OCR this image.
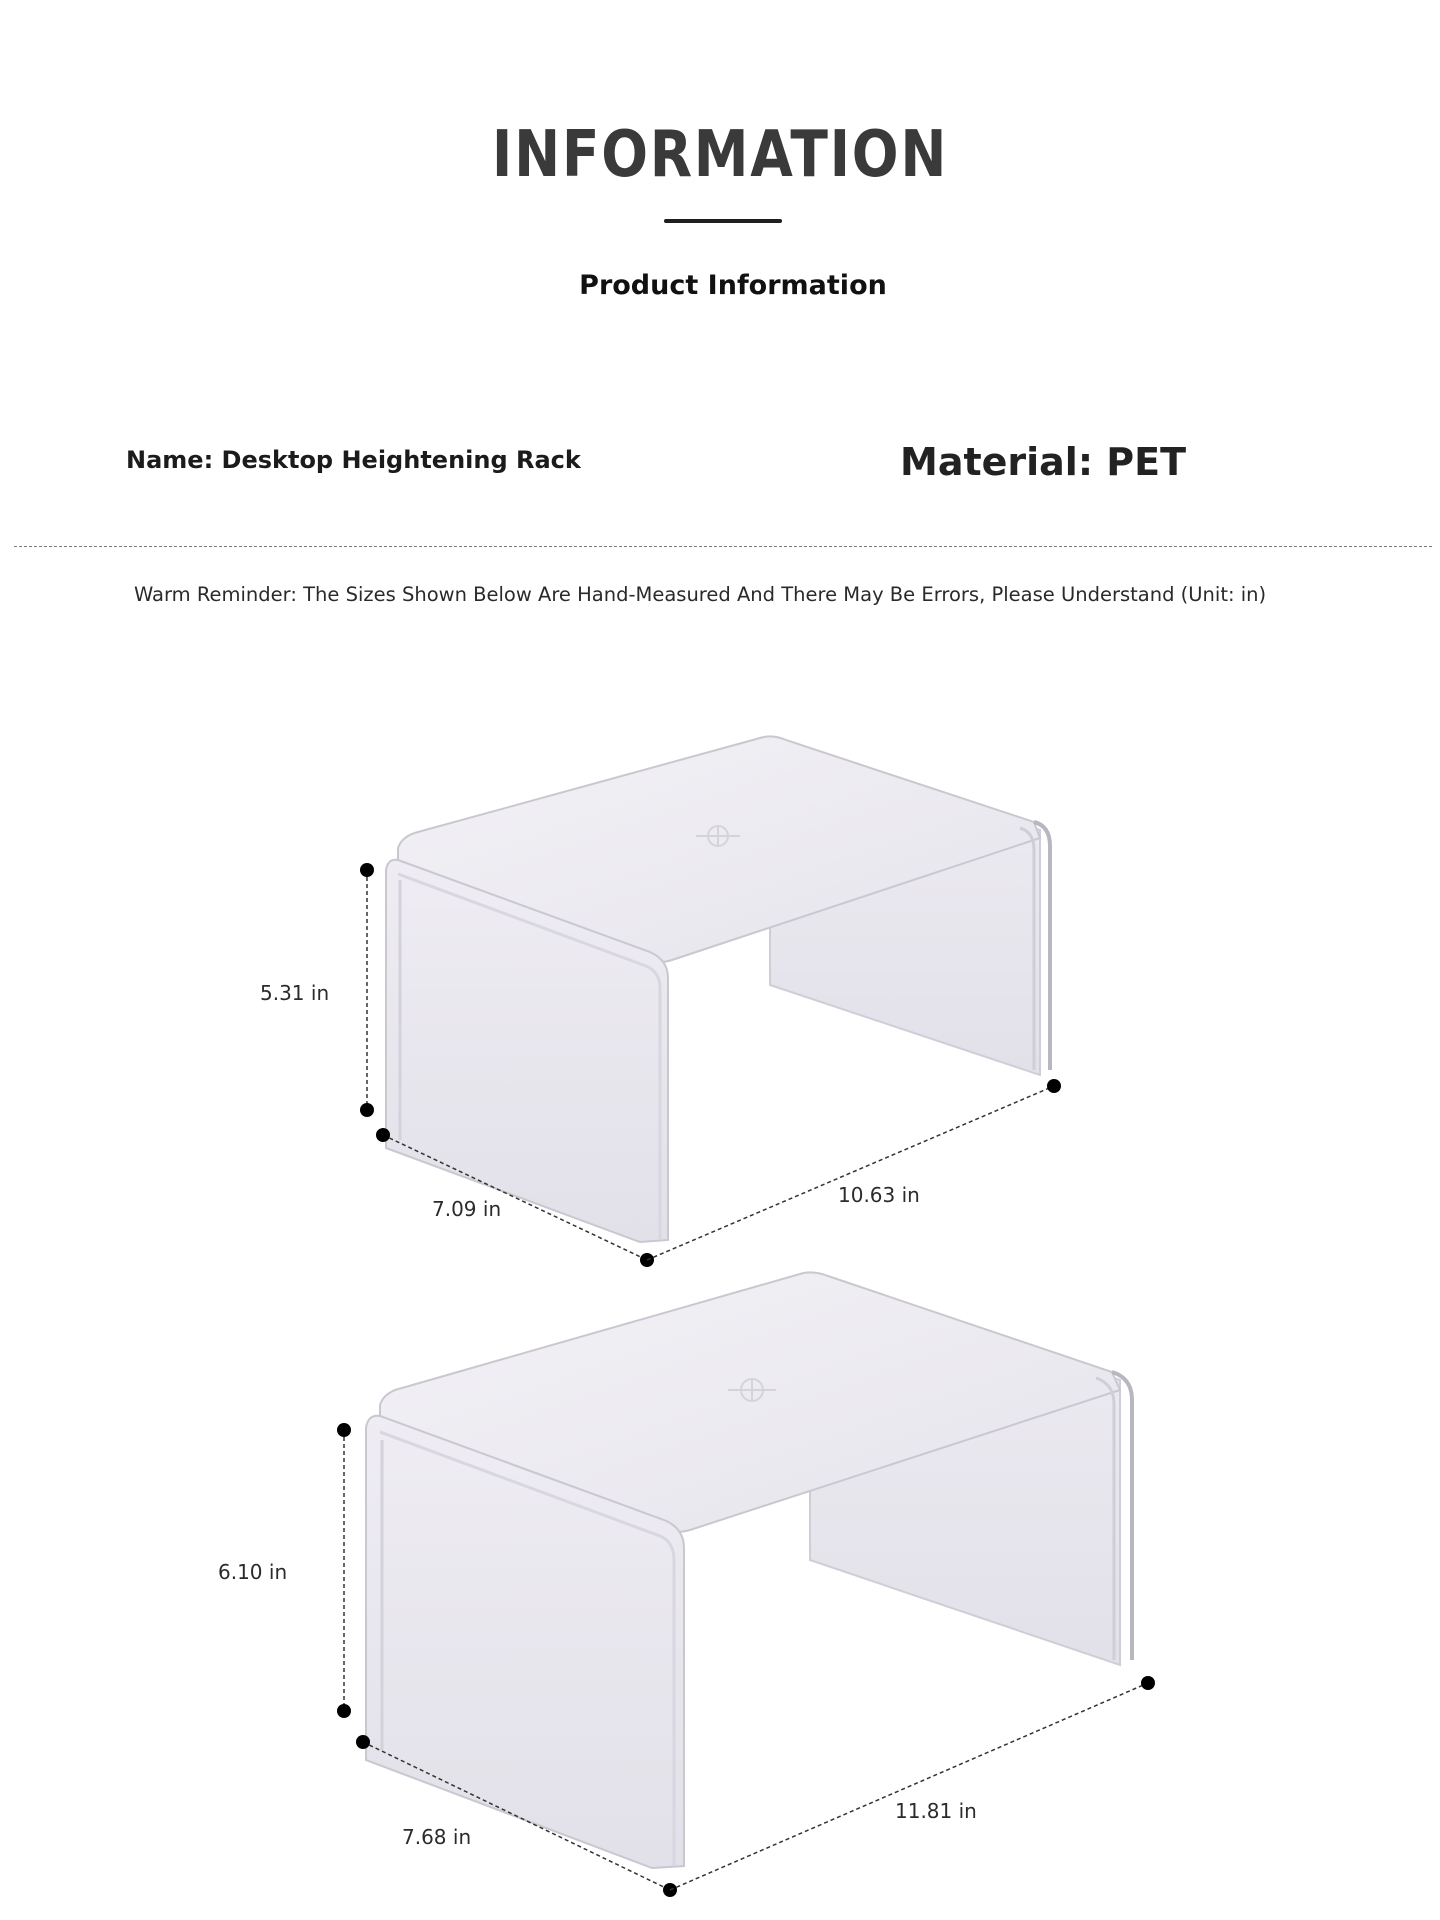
INFORMATION
Product Information
Name: Desktop Heightening Rack	Material: PET
Warm Reminder: The Sizes Shown Below Are Hand-Measured And There May Be Errors, Please Understand (Unit: in)
5.31 in
7.09 in
10.63 in
6.10 in
7.68 in
11.81 in
